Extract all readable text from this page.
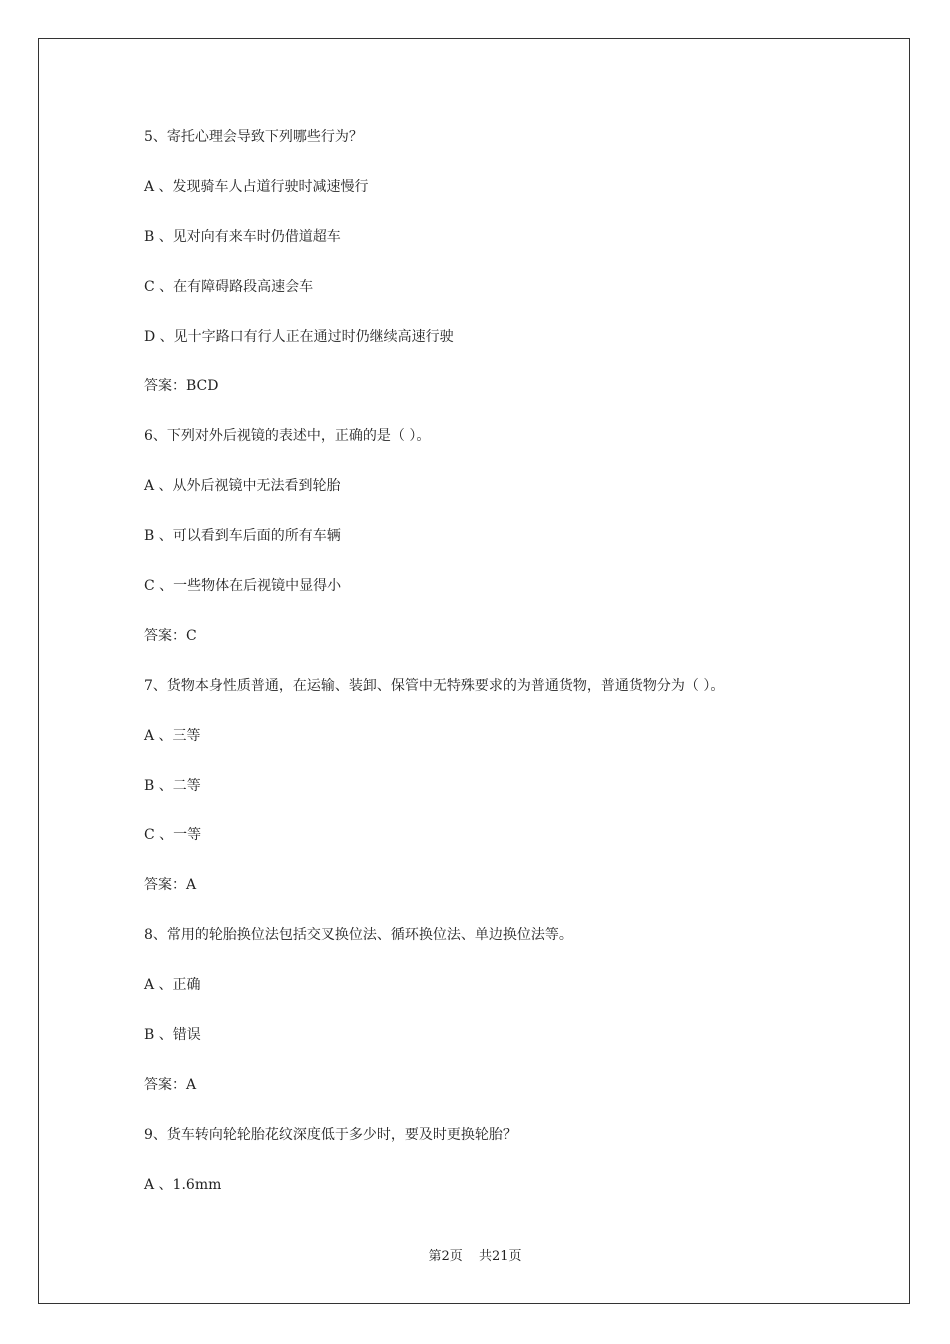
5、寄托心理会导致下列哪些行为？
A 、发现骑车人占道行驶时减速慢行
B 、见对向有来车时仍借道超车
C 、在有障碍路段高速会车
D 、见十字路口有行人正在通过时仍继续高速行驶
答案：BCD
6、下列对外后视镜的表述中，正确的是（ ）。
A 、从外后视镜中无法看到轮胎
B 、可以看到车后面的所有车辆
C 、一些物体在后视镜中显得小
答案：C
7、货物本身性质普通，在运输、装卸、保管中无特殊要求的为普通货物，普通货物分为（ ）。
A 、三等
B 、二等
C 、一等
答案：A
8、常用的轮胎换位法包括交叉换位法、循环换位法、单边换位法等。
A 、正确
B 、错误
答案：A
9、货车转向轮轮胎花纹深度低于多少时，要及时更换轮胎？
A 、1.6mm
第2页 共21页
